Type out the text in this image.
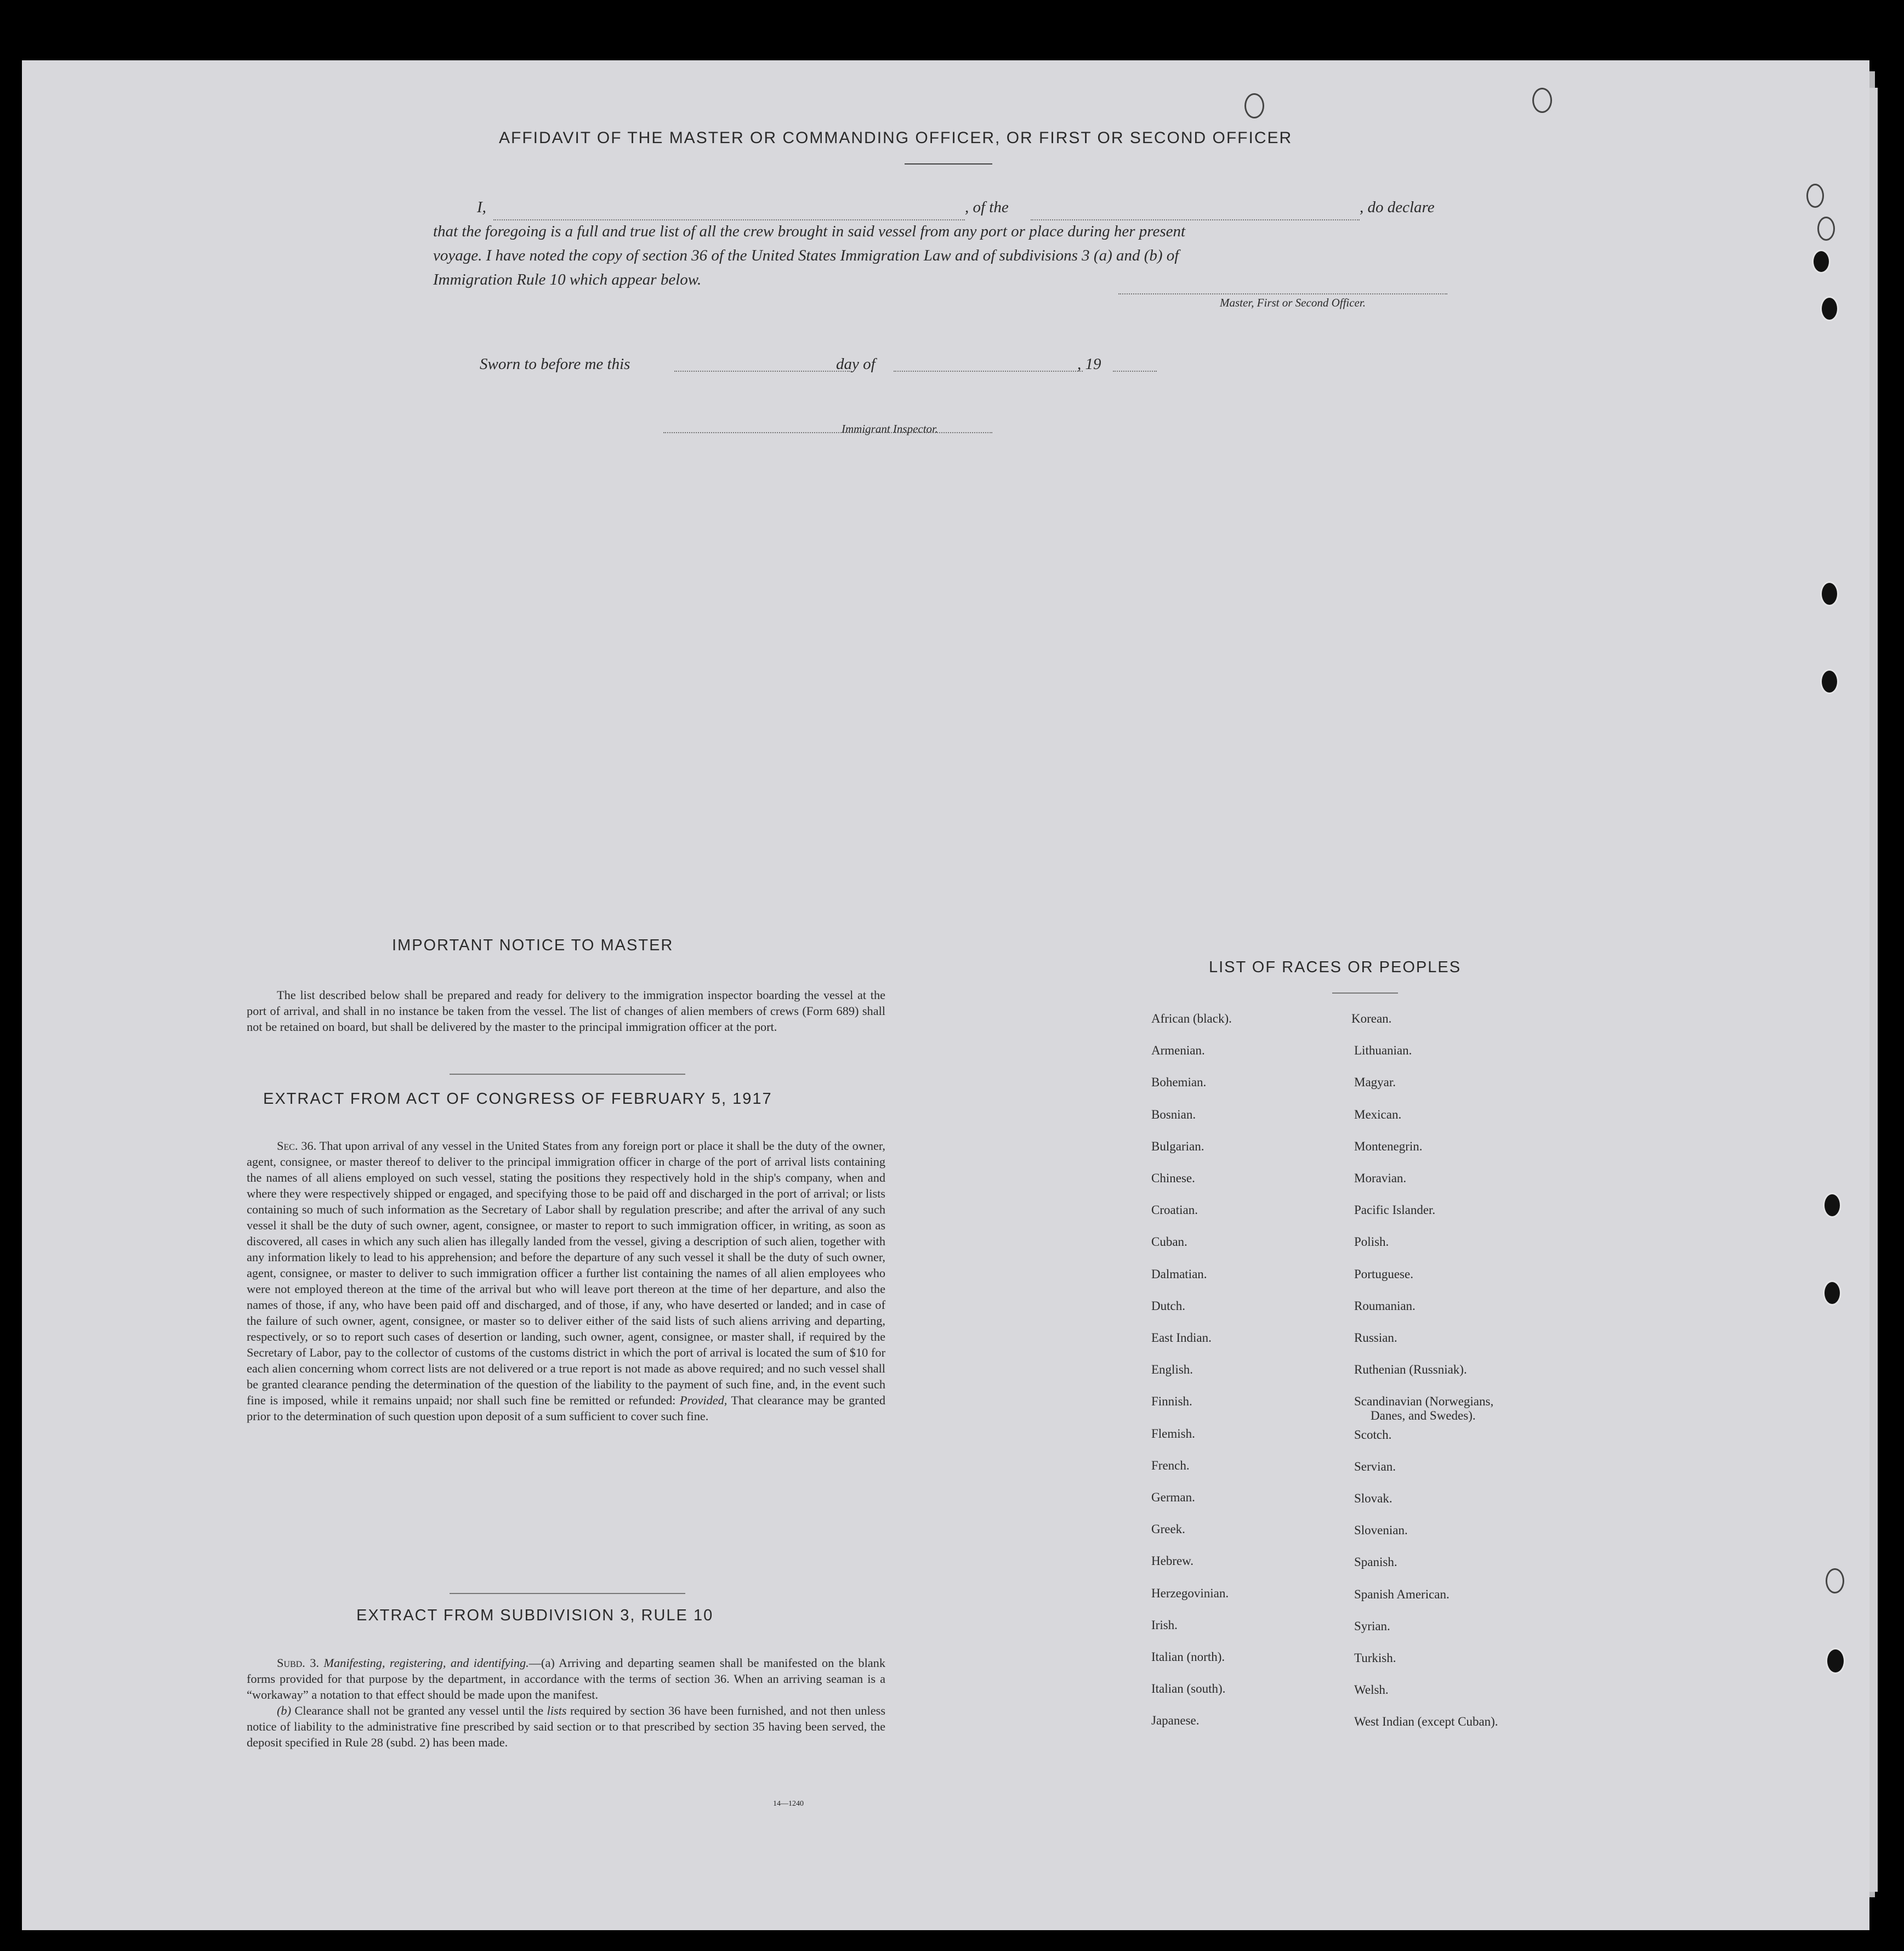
AFFIDAVIT OF THE MASTER OR COMMANDING OFFICER, OR FIRST OR SECOND OFFICER
I,	, of the	, do declare
that the foregoing is a full and true list of all the crew brought in said vessel from any port or place during her present
voyage. I have noted the copy of section 36 of the United States Immigration Law and of subdivisions 3 (a) and (b) of
Immigration Rule 10 which appear below.
Master, First or Second Officer.
Sworn to before me this	day of	, 19
Immigrant Inspector.
IMPORTANT NOTICE TO MASTER

The list described below shall be prepared and ready for delivery to the immigration inspector boarding the vessel at the port of arrival, and shall in no instance be taken from the vessel. The list of changes of alien members of crews (Form 689) shall not be retained on board, but shall be delivered by the master to the principal immigration officer at the port.

EXTRACT FROM ACT OF CONGRESS OF FEBRUARY 5, 1917

Sec. 36. That upon arrival of any vessel in the United States from any foreign port or place it shall be the duty of the owner, agent, consignee, or master thereof to deliver to the principal immigration officer in charge of the port of arrival lists containing the names of all aliens employed on such vessel, stating the positions they respectively hold in the ship's company, when and where they were respectively shipped or engaged, and specifying those to be paid off and discharged in the port of arrival; or lists containing so much of such information as the Secretary of Labor shall by regulation prescribe; and after the arrival of any such vessel it shall be the duty of such owner, agent, consignee, or master to report to such immigration officer, in writing, as soon as discovered, all cases in which any such alien has illegally landed from the vessel, giving a description of such alien, together with any information likely to lead to his apprehension; and before the departure of any such vessel it shall be the duty of such owner, agent, consignee, or master to deliver to such immigration officer a further list containing the names of all alien employees who were not employed thereon at the time of the arrival but who will leave port thereon at the time of her departure, and also the names of those, if any, who have been paid off and discharged, and of those, if any, who have deserted or landed; and in case of the failure of such owner, agent, consignee, or master so to deliver either of the said lists of such aliens arriving and departing, respectively, or so to report such cases of desertion or landing, such owner, agent, consignee, or master shall, if required by the Secretary of Labor, pay to the collector of customs of the customs district in which the port of arrival is located the sum of $10 for each alien concerning whom correct lists are not delivered or a true report is not made as above required; and no such vessel shall be granted clearance pending the determination of the question of the liability to the payment of such fine, and, in the event such fine is imposed, while it remains unpaid; nor shall such fine be remitted or refunded: Provided, That clearance may be granted prior to the determination of such question upon deposit of a sum sufficient to cover such fine.

EXTRACT FROM SUBDIVISION 3, RULE 10

Subd. 3. Manifesting, registering, and identifying.—(a) Arriving and departing seamen shall be manifested on the blank forms provided for that purpose by the department, in accordance with the terms of section 36. When an arriving seaman is a “workaway” a notation to that effect should be made upon the manifest.

(b) Clearance shall not be granted any vessel until the lists required by section 36 have been furnished, and not then unless notice of liability to the administrative fine prescribed by said section or to that prescribed by section 35 having been served, the deposit specified in Rule 28 (subd. 2) has been made.

14—1240
LIST OF RACES OR PEOPLES
African (black).
Armenian.
Bohemian.
Bosnian.
Bulgarian.
Chinese.
Croatian.
Cuban.
Dalmatian.
Dutch.
East Indian.
English.
Finnish.
Flemish.
French.
German.
Greek.
Hebrew.
Herzegovinian.
Irish.
Italian (north).
Italian (south).
Japanese.
Korean.
Lithuanian.
Magyar.
Mexican.
Montenegrin.
Moravian.
Pacific Islander.
Polish.
Portuguese.
Roumanian.
Russian.
Ruthenian (Russniak).
Scandinavian (Norwegians,
Danes, and Swedes).
Scotch.
Servian.
Slovak.
Slovenian.
Spanish.
Spanish American.
Syrian.
Turkish.
Welsh.
West Indian (except Cuban).
